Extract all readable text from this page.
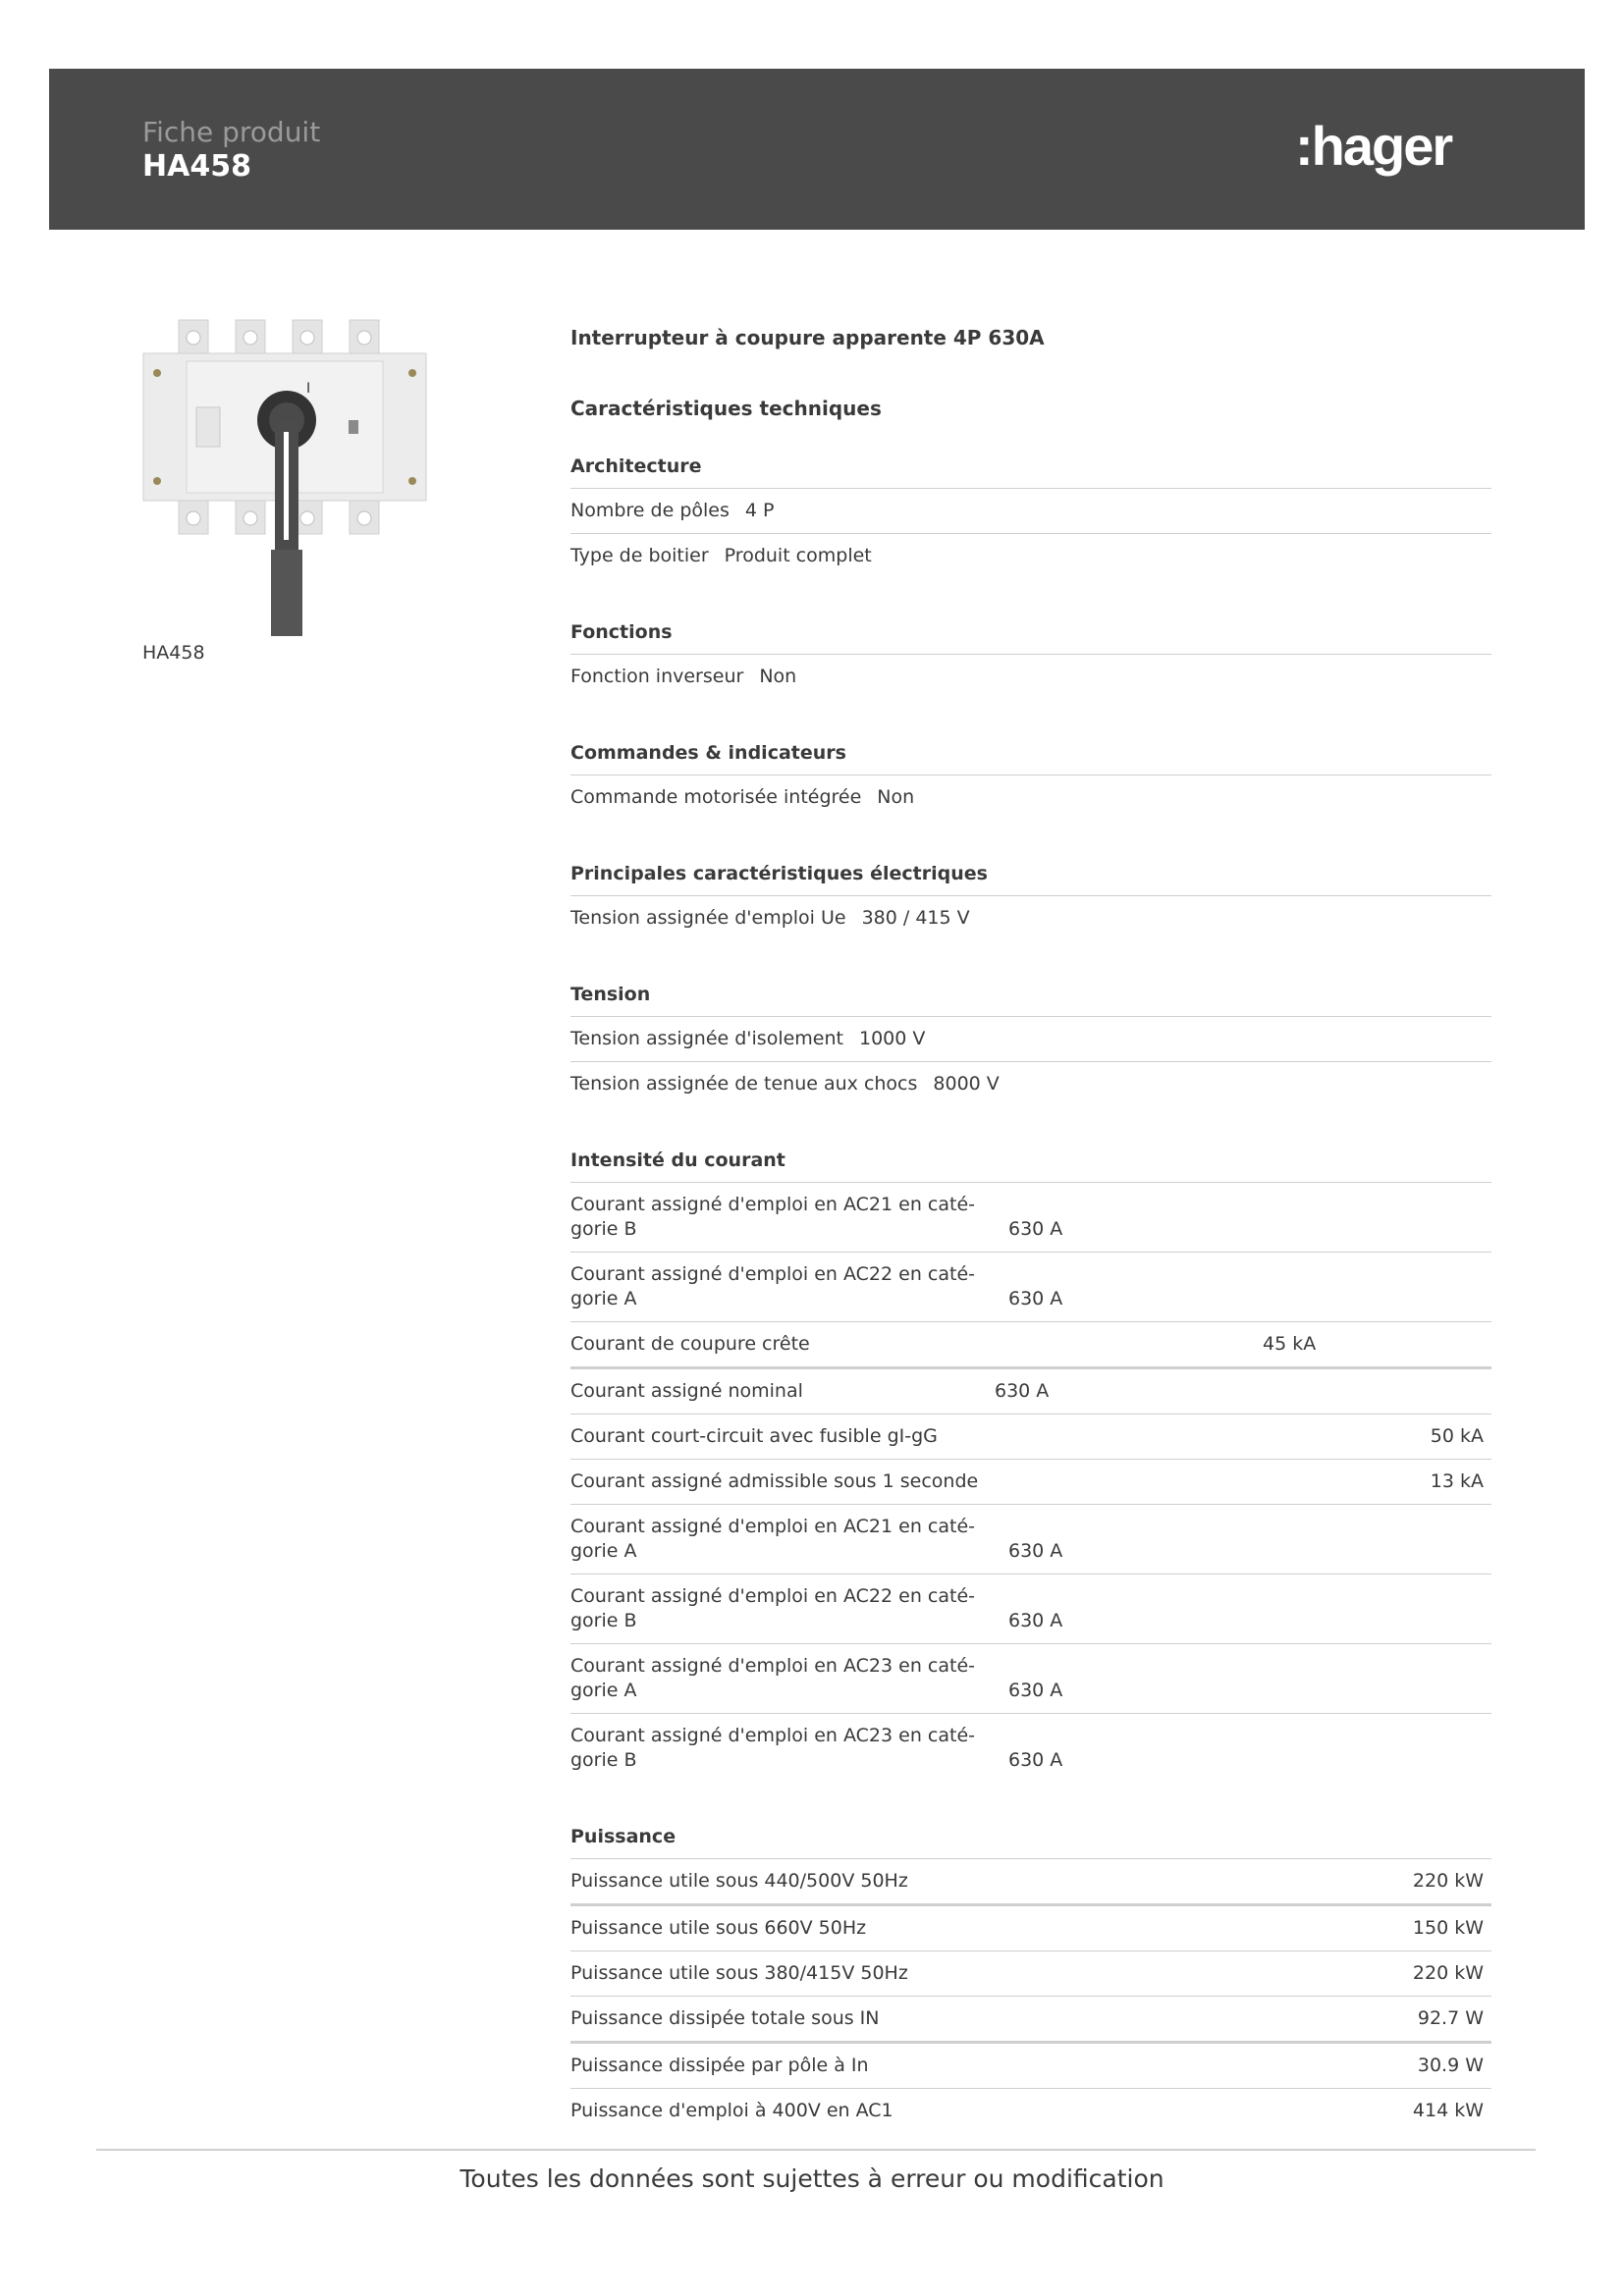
Fiche produit
HA458	:hager
I
HA458
Interrupteur à coupure apparente 4P 630A
Caractéristiques techniques
Architecture
Nombre de pôles 4 P
Type de boitier Produit complet
Fonctions
Fonction inverseur Non
Commandes & indicateurs
Commande motorisée intégrée Non
Principales caractéristiques électriques
Tension assignée d'emploi Ue 380 / 415 V
Tension
Tension assignée d'isolement 1000 V
Tension assignée de tenue aux chocs 8000 V
Intensité du courant
Courant assigné d'emploi en AC21 en caté-gorie B	630 A
Courant assigné d'emploi en AC22 en caté-gorie A	630 A
Courant de coupure crête	45 kA
Courant assigné nominal	630 A
Courant court-circuit avec fusible gI-gG	50 kA
Courant assigné admissible sous 1 seconde	13 kA
Courant assigné d'emploi en AC21 en caté-gorie A	630 A
Courant assigné d'emploi en AC22 en caté-gorie B	630 A
Courant assigné d'emploi en AC23 en caté-gorie A	630 A
Courant assigné d'emploi en AC23 en caté-gorie B	630 A
Puissance
Puissance utile sous 440/500V 50Hz	220 kW
Puissance utile sous 660V 50Hz	150 kW
Puissance utile sous 380/415V 50Hz	220 kW
Puissance dissipée totale sous IN	92.7 W
Puissance dissipée par pôle à In	30.9 W
Puissance d'emploi à 400V en AC1	414 kW
Toutes les données sont sujettes à erreur ou modification
